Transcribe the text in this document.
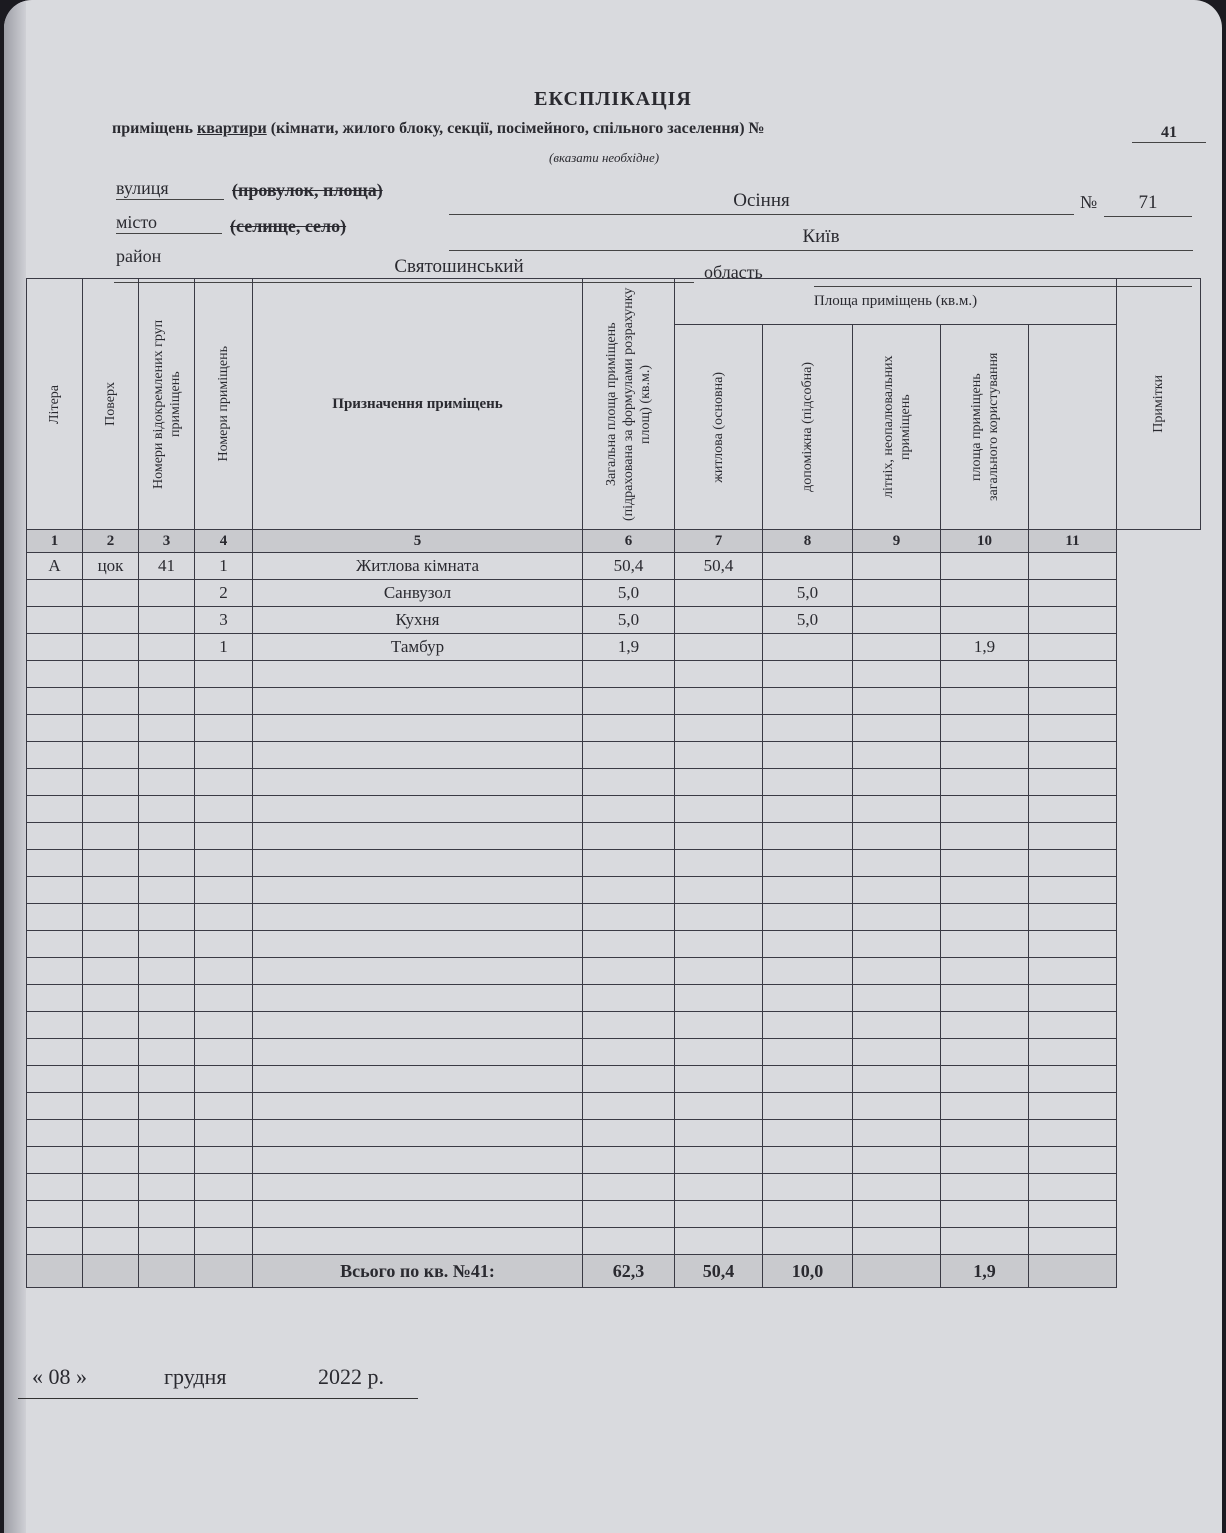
ЕКСПЛІКАЦІЯ
приміщень квартири (кімнати, жилого блоку, секції, посімейного, спільного заселення) №	41
(вказати необхідне)
вулиця	(провулок, площа)	Осіння	№	71
місто	(селище, село)	Київ
район	Святошинський	область
Літера	Поверх	Номери відокремлених груп приміщень	Номери приміщень	Призначення приміщень	Загальна площа приміщень (підрахована за формулами розрахунку площ) (кв.м.)	Площа приміщень (кв.м.)					Примітки

						житлова (основна)	допоміжна (підсобна)	літніх, неопалювальних приміщень	площа приміщень загального користування		

1	2	3	4	5	6	7	8	9	10	11	
А	цок	41	1	Житлова кімната	50,4	50,4					
			2	Санвузол	5,0		5,0				
			3	Кухня	5,0		5,0				
			1	Тамбур	1,9				1,9		

				Всього по кв. №41:	62,3	50,4	10,0		1,9		
« 08 »	грудня	2022 р.
